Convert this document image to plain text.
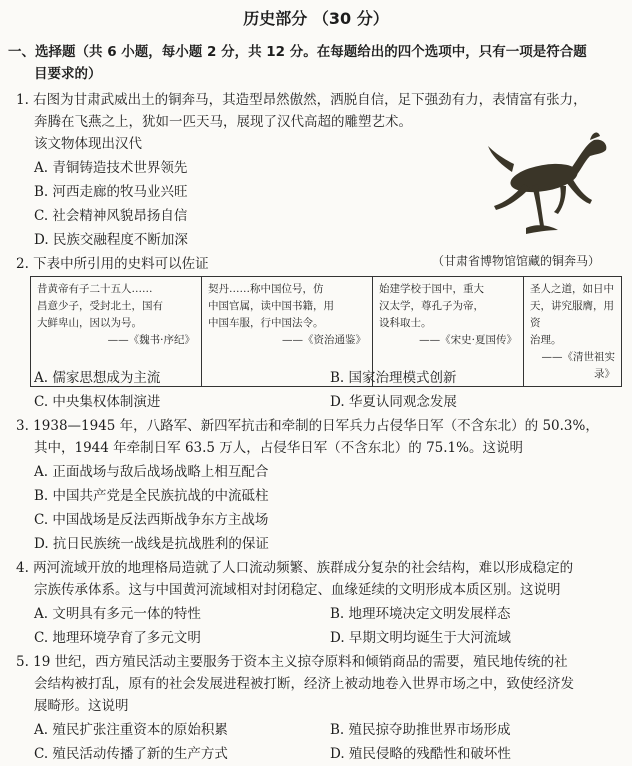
历史部分 （30 分）
一、选择题（共 6 小题，每小题 2 分，共 12 分。在每题给出的四个选项中，只有一项是符合题
目要求的）
1. 右图为甘肃武威出土的铜奔马，其造型昂然傲然，洒脱自信，足下强劲有力，表情富有张力，
奔腾在飞燕之上，犹如一匹天马，展现了汉代高超的雕塑艺术。
该文物体现出汉代
A. 青铜铸造技术世界领先
B. 河西走廊的牧马业兴旺
C. 社会精神风貌昂扬自信
D. 民族交融程度不断加深
（甘肃省博物馆馆藏的铜奔马）
2. 下表中所引用的史料可以佐证
昔黄帝有子二十五人……
昌意少子，受封北土，国有
大鲜卑山，因以为号。
——《魏书·序纪》

契丹……称中国位号，仿
中国官属，读中国书籍，用
中国车服，行中国法令。
——《资治通鉴》

始建学校于国中，重大
汉太学，尊孔子为帝，
设科取士。
——《宋史·夏国传》

圣人之道，如日中
天，讲究服膺，用资
治理。
——《清世祖实录》
A. 儒家思想成为主流	B. 国家治理模式创新
C. 中央集权体制演进	D. 华夏认同观念发展
3. 1938—1945 年，八路军、新四军抗击和牵制的日军兵力占侵华日军（不含东北）的 50.3%，
其中，1944 年牵制日军 63.5 万人，占侵华日军（不含东北）的 75.1%。这说明
A. 正面战场与敌后战场战略上相互配合
B. 中国共产党是全民族抗战的中流砥柱
C. 中国战场是反法西斯战争东方主战场
D. 抗日民族统一战线是抗战胜利的保证
4. 两河流域开放的地理格局造就了人口流动频繁、族群成分复杂的社会结构，难以形成稳定的
宗族传承体系。这与中国黄河流域相对封闭稳定、血缘延续的文明形成本质区别。这说明
A. 文明具有多元一体的特性	B. 地理环境决定文明发展样态
C. 地理环境孕育了多元文明	D. 早期文明均诞生于大河流域
5. 19 世纪，西方殖民活动主要服务于资本主义掠夺原料和倾销商品的需要，殖民地传统的社
会结构被打乱，原有的社会发展进程被打断，经济上被动地卷入世界市场之中，致使经济发
展畸形。这说明
A. 殖民扩张注重资本的原始积累	B. 殖民掠夺助推世界市场形成
C. 殖民活动传播了新的生产方式	D. 殖民侵略的残酷性和破坏性
